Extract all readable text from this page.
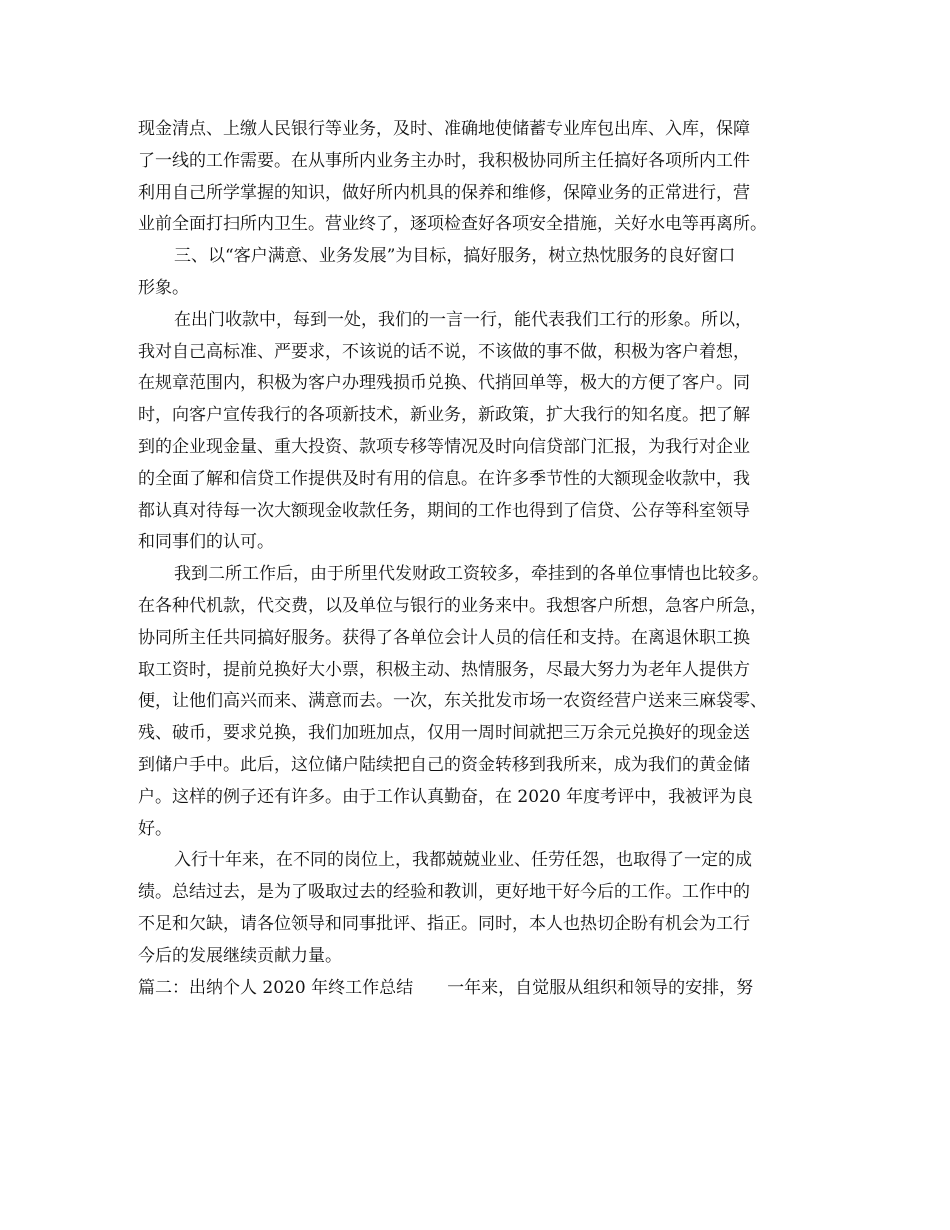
现金清点、上缴人民银行等业务，及时、准确地使储蓄专业库包出库、入库，保障
了一线的工作需要。在从事所内业务主办时，我积极协同所主任搞好各项所内工件
利用自己所学掌握的知识，做好所内机具的保养和维修，保障业务的正常进行，营
业前全面打扫所内卫生。营业终了，逐项检查好各项安全措施，关好水电等再离所。
三、以“客户满意、业务发展”为目标，搞好服务，树立热忱服务的良好窗口
形象。
在出门收款中，每到一处，我们的一言一行，能代表我们工行的形象。所以，
我对自己高标准、严要求，不该说的话不说，不该做的事不做，积极为客户着想，
在规章范围内，积极为客户办理残损币兑换、代捎回单等，极大的方便了客户。同
时，向客户宣传我行的各项新技术，新业务，新政策，扩大我行的知名度。把了解
到的企业现金量、重大投资、款项专移等情况及时向信贷部门汇报，为我行对企业
的全面了解和信贷工作提供及时有用的信息。在许多季节性的大额现金收款中，我
都认真对待每一次大额现金收款任务，期间的工作也得到了信贷、公存等科室领导
和同事们的认可。
我到二所工作后，由于所里代发财政工资较多，牵挂到的各单位事情也比较多。
在各种代机款，代交费，以及单位与银行的业务来中。我想客户所想，急客户所急，
协同所主任共同搞好服务。获得了各单位会计人员的信任和支持。在离退休职工换
取工资时，提前兑换好大小票，积极主动、热情服务，尽最大努力为老年人提供方
便，让他们高兴而来、满意而去。一次，东关批发市场一农资经营户送来三麻袋零、
残、破币，要求兑换，我们加班加点，仅用一周时间就把三万余元兑换好的现金送
到储户手中。此后，这位储户陆续把自己的资金转移到我所来，成为我们的黄金储
户。这样的例子还有许多。由于工作认真勤奋，在 2020 年度考评中，我被评为良
好。
入行十年来，在不同的岗位上，我都兢兢业业、任劳任怨，也取得了一定的成
绩。总结过去，是为了吸取过去的经验和教训，更好地干好今后的工作。工作中的
不足和欠缺，请各位领导和同事批评、指正。同时，本人也热切企盼有机会为工行
今后的发展继续贡献力量。
篇二：出纳个人 2020 年终工作总结　　一年来，自觉服从组织和领导的安排，努
